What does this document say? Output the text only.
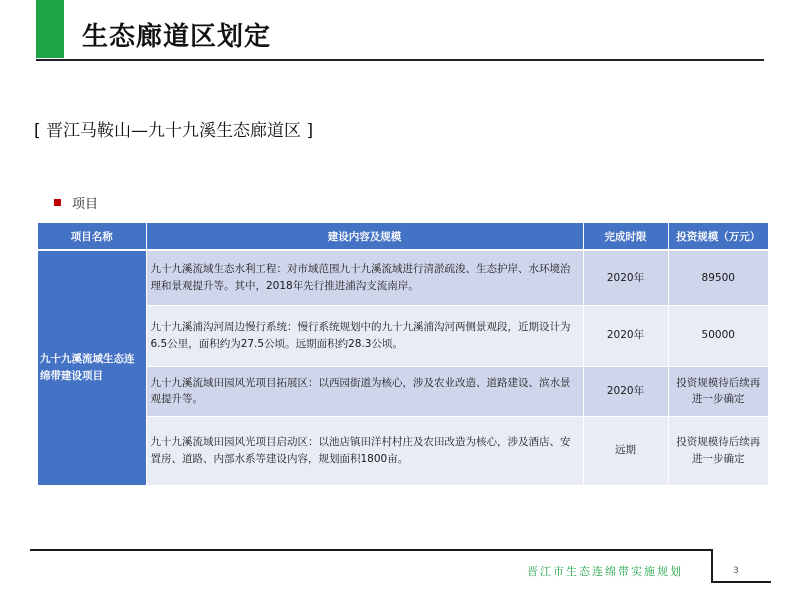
生态廊道区划定
[ 晋江马鞍山—九十九溪生态廊道区 ]
项目
项目名称	建设内容及规模	完成时限	投资规模（万元）
九十九溪流域生态连绵带建设项目	九十九溪流域生态水利工程：对市域范围九十九溪流域进行清淤疏浚、生态护岸、水环境治理和景观提升等。其中，2018年先行推进浦沟支流南岸。	2020年	89500
	九十九溪浦沟河周边慢行系统：慢行系统规划中的九十九溪浦沟河两侧景观段，近期设计为6.5公里，面积约为27.5公顷。远期面积约28.3公顷。	2020年	50000
	九十九溪流域田园风光项目拓展区：以西园街道为核心，涉及农业改造、道路建设、滨水景观提升等。	2020年	投资规模待后续再进一步确定
	九十九溪流域田园风光项目启动区：以池店镇田洋村村庄及农田改造为核心，涉及酒店、安置房、道路、内部水系等建设内容，规划面积1800亩。	远期	投资规模待后续再进一步确定
晋江市生态连绵带实施规划	3
